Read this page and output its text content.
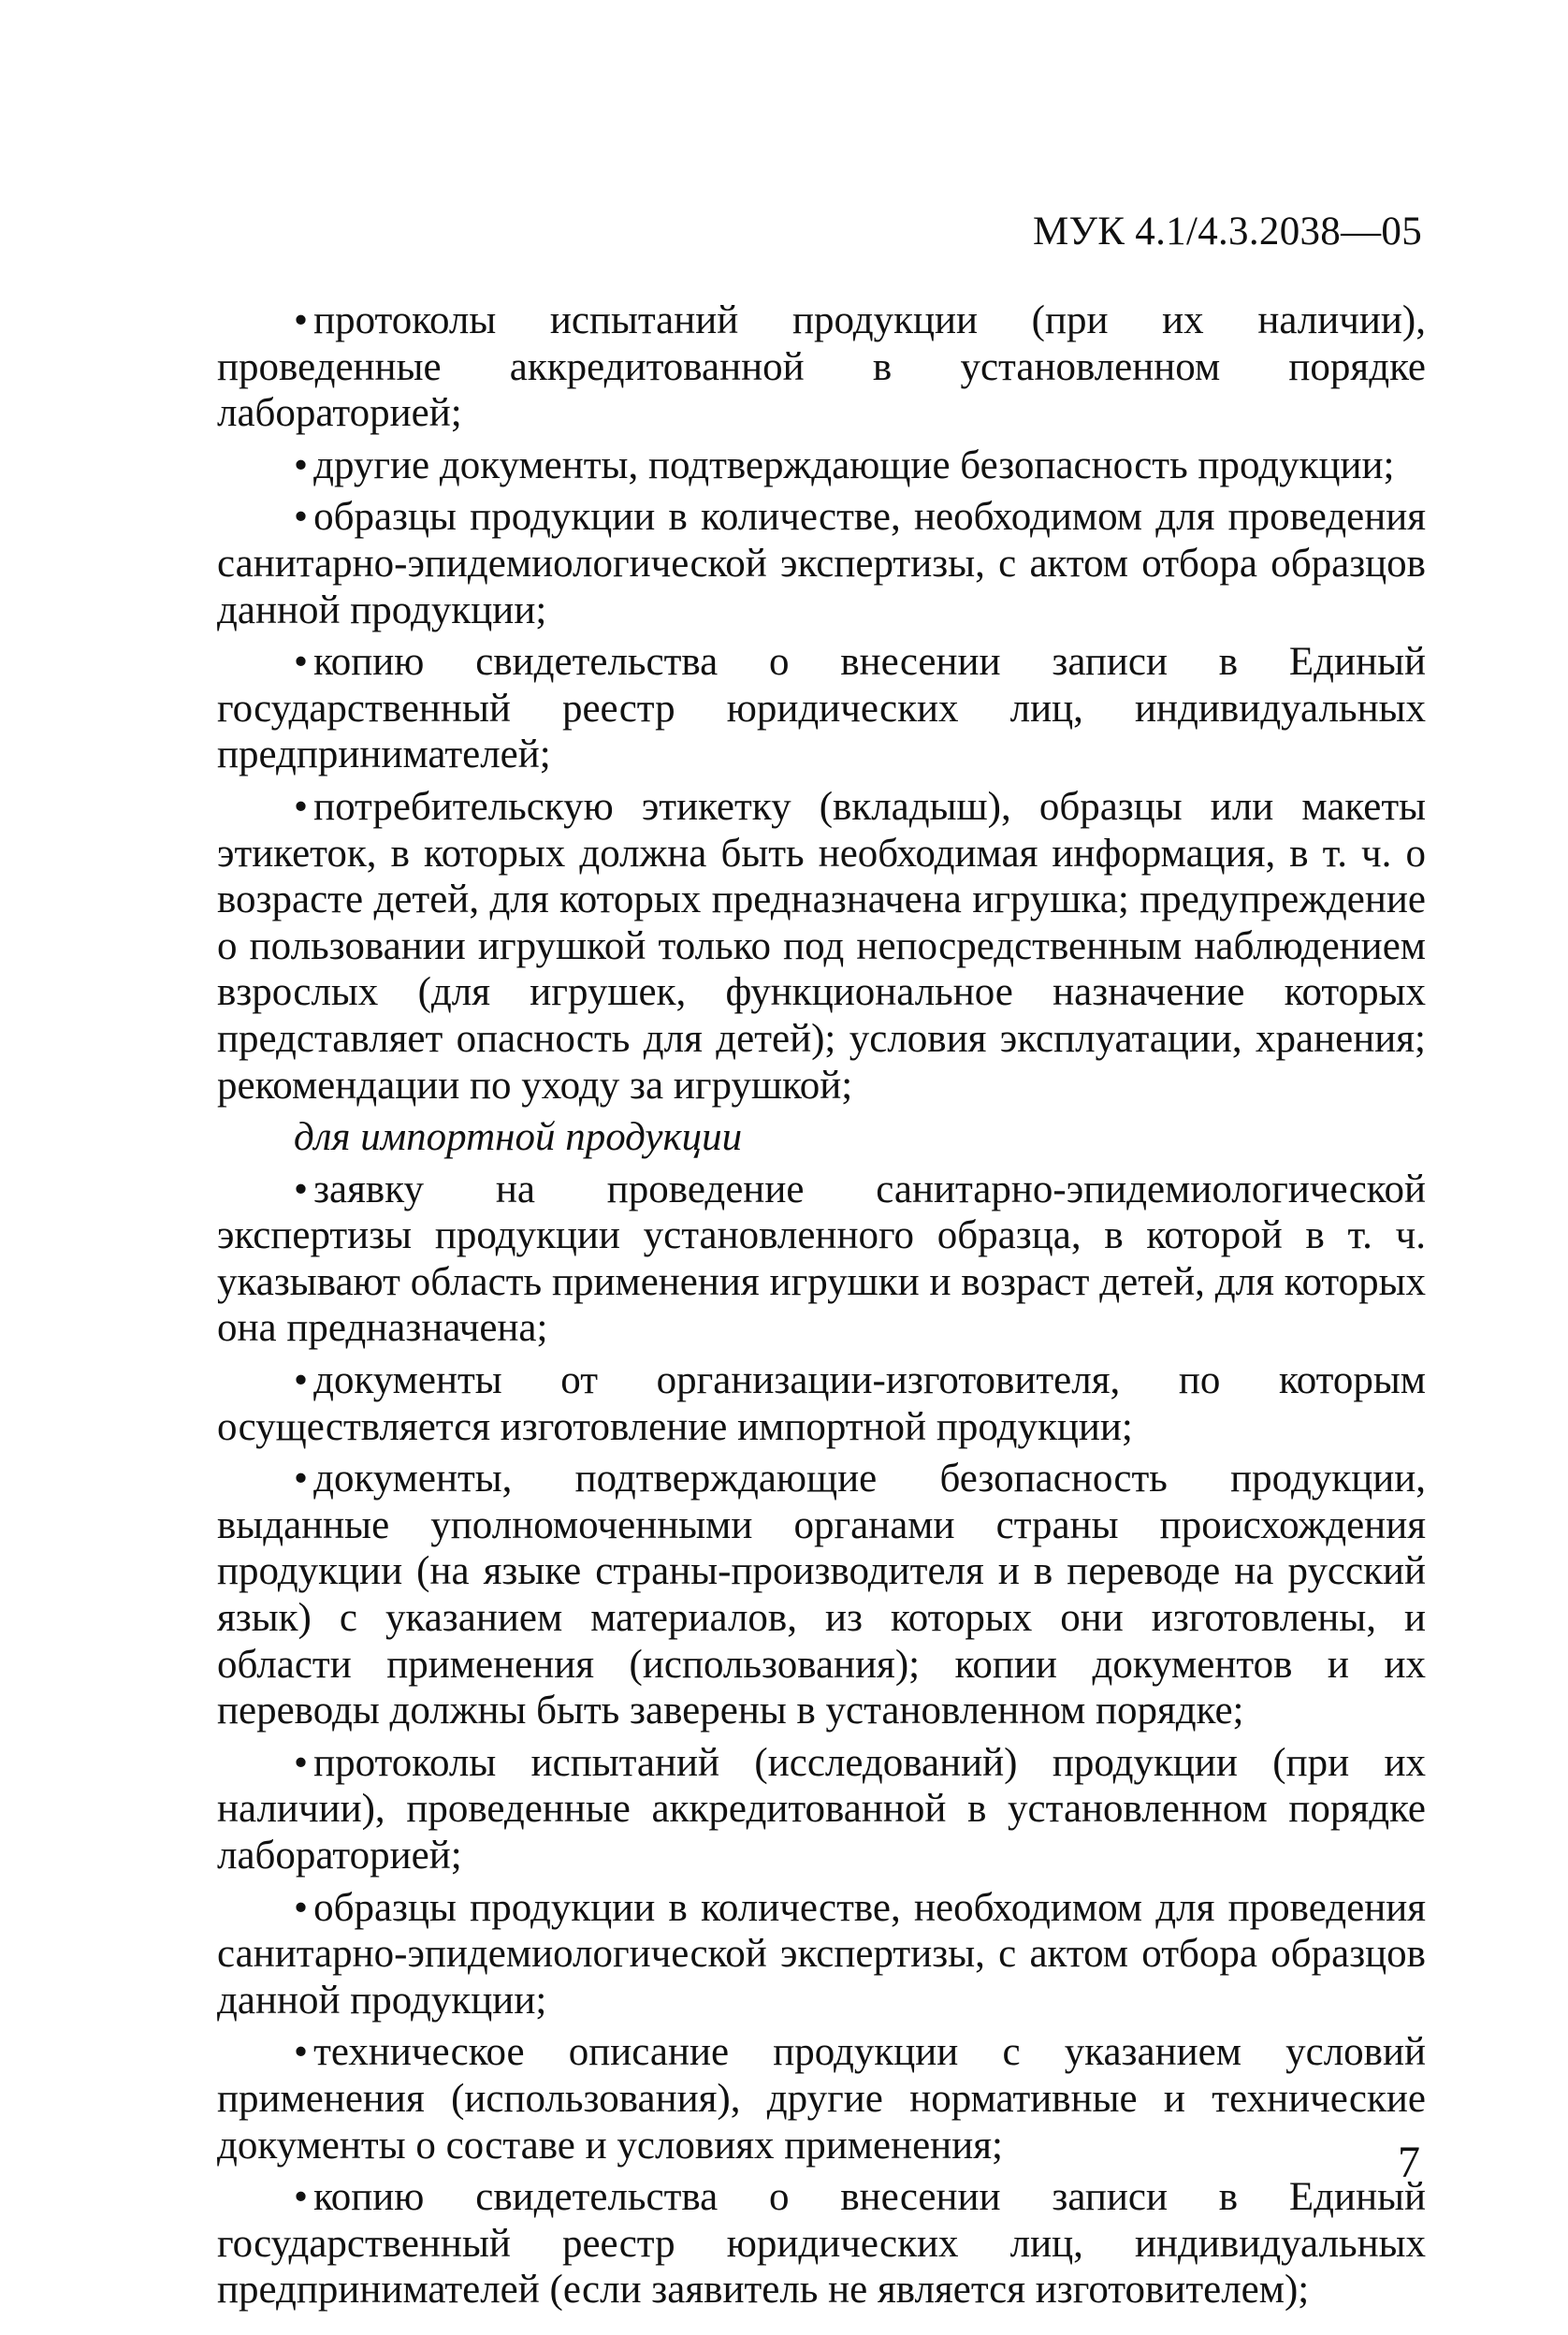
МУК 4.1/4.3.2038—05

• протоколы испытаний продукции (при их наличии), проведенные аккредитованной в установленном порядке лабораторией;

• другие документы, подтверждающие безопасность продукции;

• образцы продукции в количестве, необходимом для проведения санитарно-эпидемиологической экспертизы, с актом отбора образцов данной продукции;

• копию свидетельства о внесении записи в Единый государственный реестр юридических лиц, индивидуальных предпринимателей;

• потребительскую этикетку (вкладыш), образцы или макеты этикеток, в которых должна быть необходимая информация, в т. ч. о возрасте детей, для которых предназначена игрушка; предупреждение о пользовании игрушкой только под непосредственным наблюдением взрослых (для игрушек, функциональное назначение которых представляет опасность для детей); условия эксплуатации, хранения; рекомендации по уходу за игрушкой;

для импортной продукции

• заявку на проведение санитарно-эпидемиологической экспертизы продукции установленного образца, в которой в т. ч. указывают область применения игрушки и возраст детей, для которых она предназначена;

• документы от организации-изготовителя, по которым осуществляется изготовление импортной продукции;

• документы, подтверждающие безопасность продукции, выданные уполномоченными органами страны происхождения продукции (на языке страны-производителя и в переводе на русский язык) с указанием материалов, из которых они изготовлены, и области применения (использования); копии документов и их переводы должны быть заверены в установленном порядке;

• протоколы испытаний (исследований) продукции (при их наличии), проведенные аккредитованной в установленном порядке лабораторией;

• образцы продукции в количестве, необходимом для проведения санитарно-эпидемиологической экспертизы, с актом отбора образцов данной продукции;

• техническое описание продукции с указанием условий применения (использования), другие нормативные и технические документы о составе и условиях применения;

• копию свидетельства о внесении записи в Единый государственный реестр юридических лиц, индивидуальных предпринимателей (если заявитель не является изготовителем);

7
